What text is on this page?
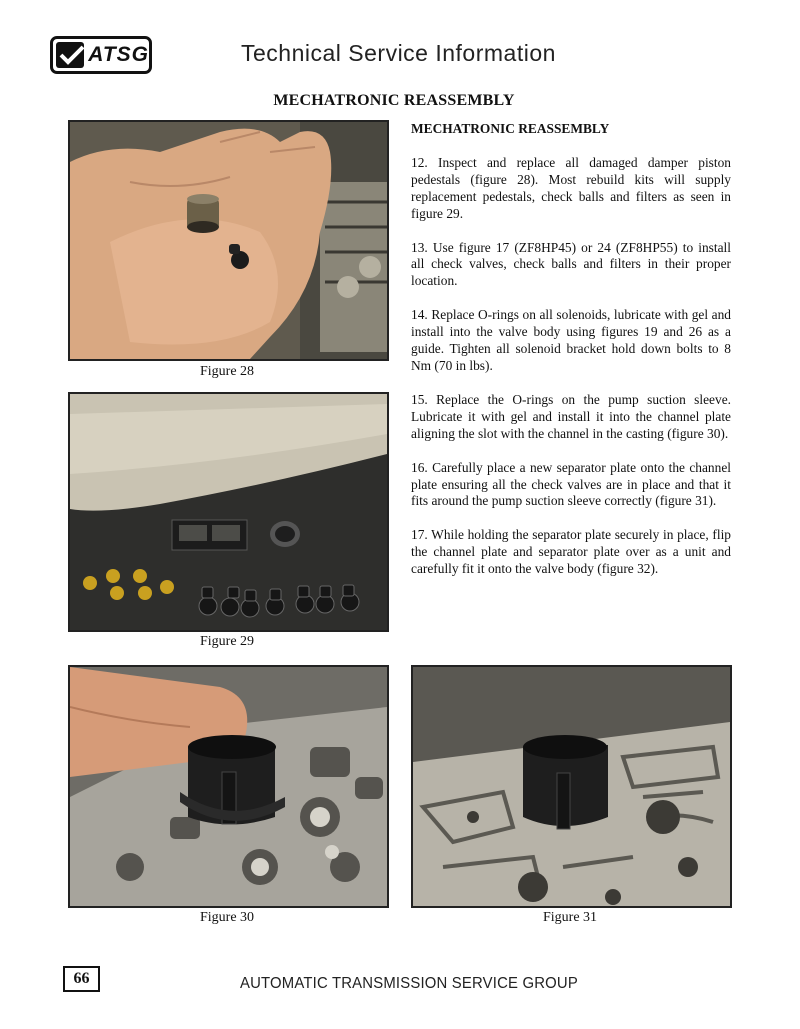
ATSG	Technical Service Information
MECHATRONIC REASSEMBLY
Figure 28
Figure 29
Figure 30	Figure 31
MECHATRONIC REASSEMBLY

12. Inspect and replace all damaged damper piston pedestals (figure 28). Most rebuild kits will supply replacement pedestals, check balls and filters as seen in figure 29.

13. Use figure 17 (ZF8HP45) or 24 (ZF8HP55) to install all check valves, check balls and filters in their proper location.

14. Replace O-rings on all solenoids, lubricate with gel and install into the valve body using figures 19 and 26 as a guide. Tighten all solenoid bracket hold down bolts to 8 Nm (70 in lbs).

15. Replace the O-rings on the pump suction sleeve. Lubricate it with gel and install it into the channel plate aligning the slot with the channel in the casting (figure 30).

16. Carefully place a new separator plate onto the channel plate ensuring all the check valves are in place and that it fits around the pump suction sleeve correctly (figure 31).

17. While holding the separator plate securely in place, flip the channel plate and separator plate over as a unit and carefully fit it onto the valve body (figure 32).

66	AUTOMATIC TRANSMISSION SERVICE GROUP
